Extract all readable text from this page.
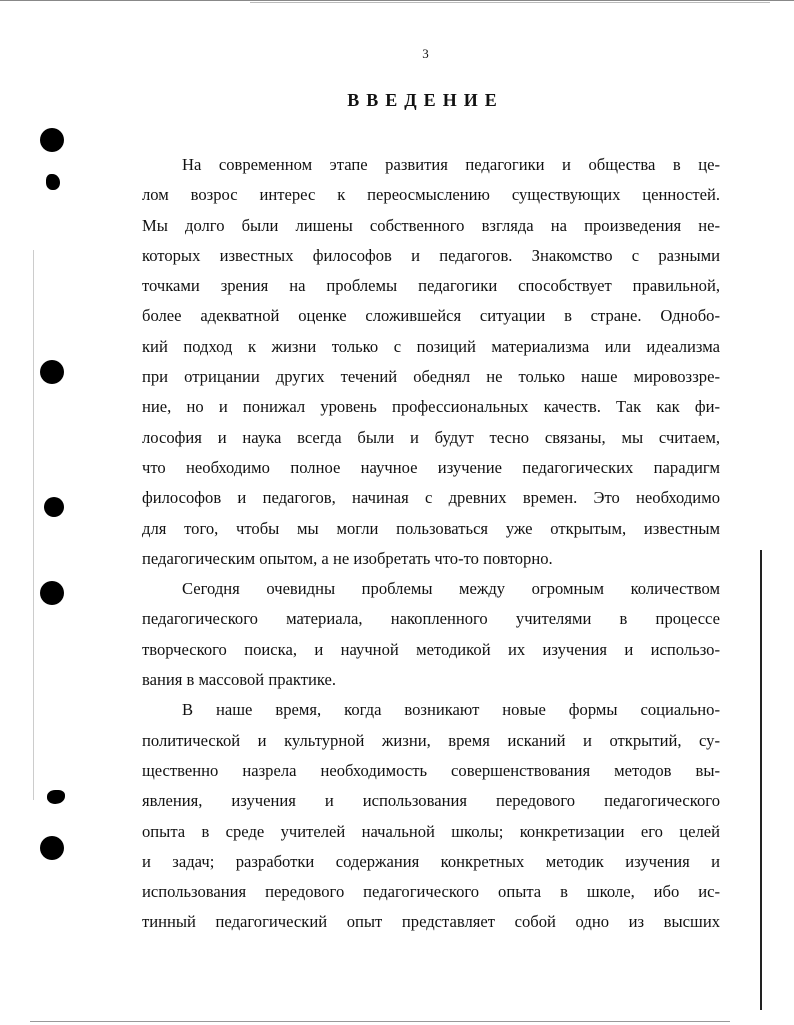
3
ВВЕДЕНИЕ
На современном этапе развития педагогики и общества в це-
лом возрос интерес к переосмыслению существующих ценностей.
Мы долго были лишены собственного взгляда на произведения не-
которых известных философов и педагогов. Знакомство с разными
точками зрения на проблемы педагогики способствует правильной,
более адекватной оценке сложившейся ситуации в стране. Однобо-
кий подход к жизни только с позиций материализма или идеализма
при отрицании других течений обеднял не только наше мировоззре-
ние, но и понижал уровень профессиональных качеств. Так как фи-
лософия и наука всегда были и будут тесно связаны, мы считаем,
что необходимо полное научное изучение педагогических парадигм
философов и педагогов, начиная с древних времен. Это необходимо
для того, чтобы мы могли пользоваться уже открытым, известным
педагогическим опытом, а не изобретать что-то повторно.
Сегодня очевидны проблемы между огромным количеством
педагогического материала, накопленного учителями в процессе
творческого поиска, и научной методикой их изучения и использо-
вания в массовой практике.
В наше время, когда возникают новые формы социально-
политической и культурной жизни, время исканий и открытий, су-
щественно назрела необходимость совершенствования методов вы-
явления, изучения и использования передового педагогического
опыта в среде учителей начальной школы; конкретизации его целей
и задач; разработки содержания конкретных методик изучения и
использования передового педагогического опыта в школе, ибо ис-
тинный педагогический опыт представляет собой одно из высших
